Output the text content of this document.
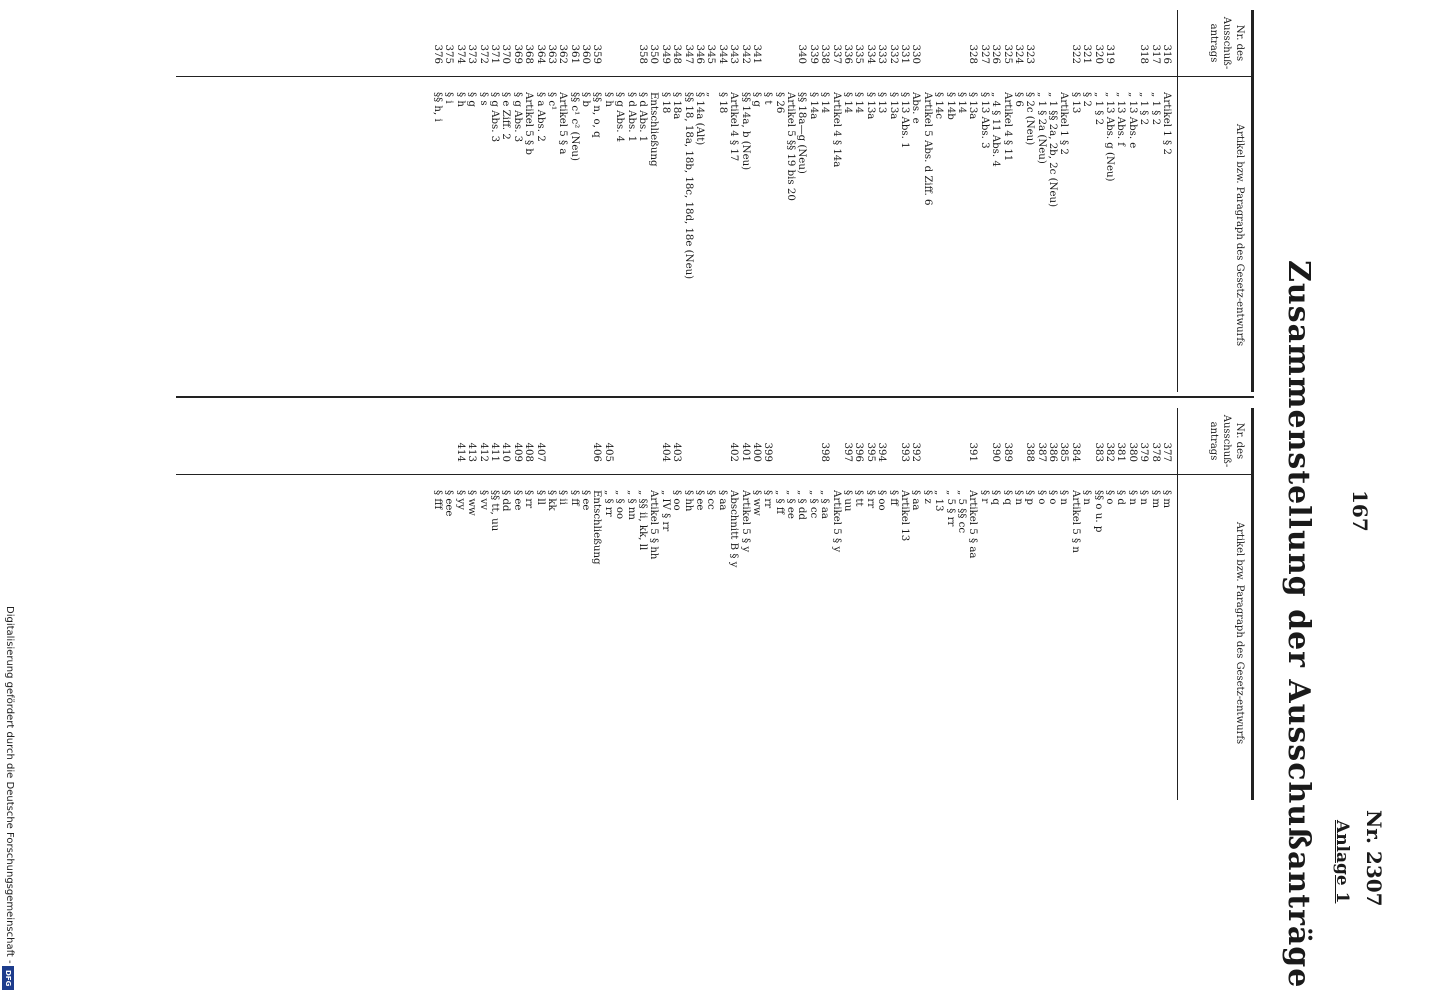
167
Nr. 2307
Anlage 1
Zusammenstellung der Ausschußanträge
Nr. des Ausschuß-antrags
Artikel bzw. Paragraph des Gesetz-entwurfs
316
317
318
319
320
321
322
323
324
325
326
327
328
330
331
332
333
334
335
336
337
338
339
340
341
342
343
344
345
346
347
348
349
350
358
359
360
361
362
363
364
368
369
370
371
372
373
374
375
376
Artikel 1 § 2
„ 1 § 2
„ 1 § 2
„ 13 Abs. e
„ 13 Abs. f
„ 13 Abs. g (Neu)
„ 1 § 2
§ 2
§ 13
Artikel 1 § 2
„ 1 §§ 2a, 2b, 2c (Neu)
„ 1 § 2a (Neu)
§ 2c (Neu)
§ 6
Artikel 4 § 11
„ 4 § 11 Abs. 4
§ 13 Abs. 3
§ 13a
§ 14
§ 14b
§ 14c
Artikel 5 Abs. d Ziff. 6
Abs. e
§ 13 Abs. 1
§ 13a
§ 13
§ 13a
§ 14
§ 14
Artikel 4 § 14a
§ 14
§ 14a
§§ 18a—g (Neu)
Artikel 5 §§ 19 bis 20
§ 26
§ t
§ g
§§ 14a, b (Neu)
Artikel 4 § 17
§ 18
„
§ 14a (Alt)
§§ 18, 18a, 18b, 18c, 18d, 18e (Neu)
§ 18a
§ 18
Entschließung
§ d Abs. 1
§ d Abs. 1
§ g Abs. 4
§ h
§§ n, o, q
§ b
§§ c¹ c² (Neu)
Artikel 5 § a
§ c¹
§ a Abs. 2
Artikel 5 § b
§ g Abs. 3
§ e Ziff. 2
§ g Abs. 3
§ s
§ g
§ h
§ i
§§ h, i
Nr. des Ausschuß-antrags
Artikel bzw. Paragraph des Gesetz-entwurfs
377
378
379
380
381
382
383
384
385
386
387
388
389
390
391
392
393
394
395
396
397
398
399
400
401
402
403
404
405
406
407
408
409
410
411
412
413
414
§ m
§ m
§ n
§ n
§ d
§ o
§§ o u. p
§ n
Artikel 5 § n
§ n
§ o
§ o
§ p
§ n
§ q
§ q
§ r
Artikel 5 § aa
„ 5 §§ cc
„ 5 § rr
„ 13
§ z
§ aa
Artikel 13
§ ff
§ oo
§ rr
§ tt
§ uu
Artikel 5 § y
„ § aa
„ § cc
„ § dd
„ § ee
„ § ff
§ rr
§ ww
Artikel 5 § y
Abschnitt B § y
§ aa
§ cc
§ ee
§ hh
§ oo
„ IV § rr
Artikel 5 § hh
„ §§ ii, kk, ll
„ § nn
„ § oo
„ § rr
Entschließung
§ ee
§ ff
§ ii
§ kk
§ ll
§ rr
§ ee
§ dd
§§ tt, uu
§ vv
§ ww
§ yy
§ eee
§ fff
Digitalisierung gefördert durch die Deutsche Forschungsgemeinschaft -
DFG
